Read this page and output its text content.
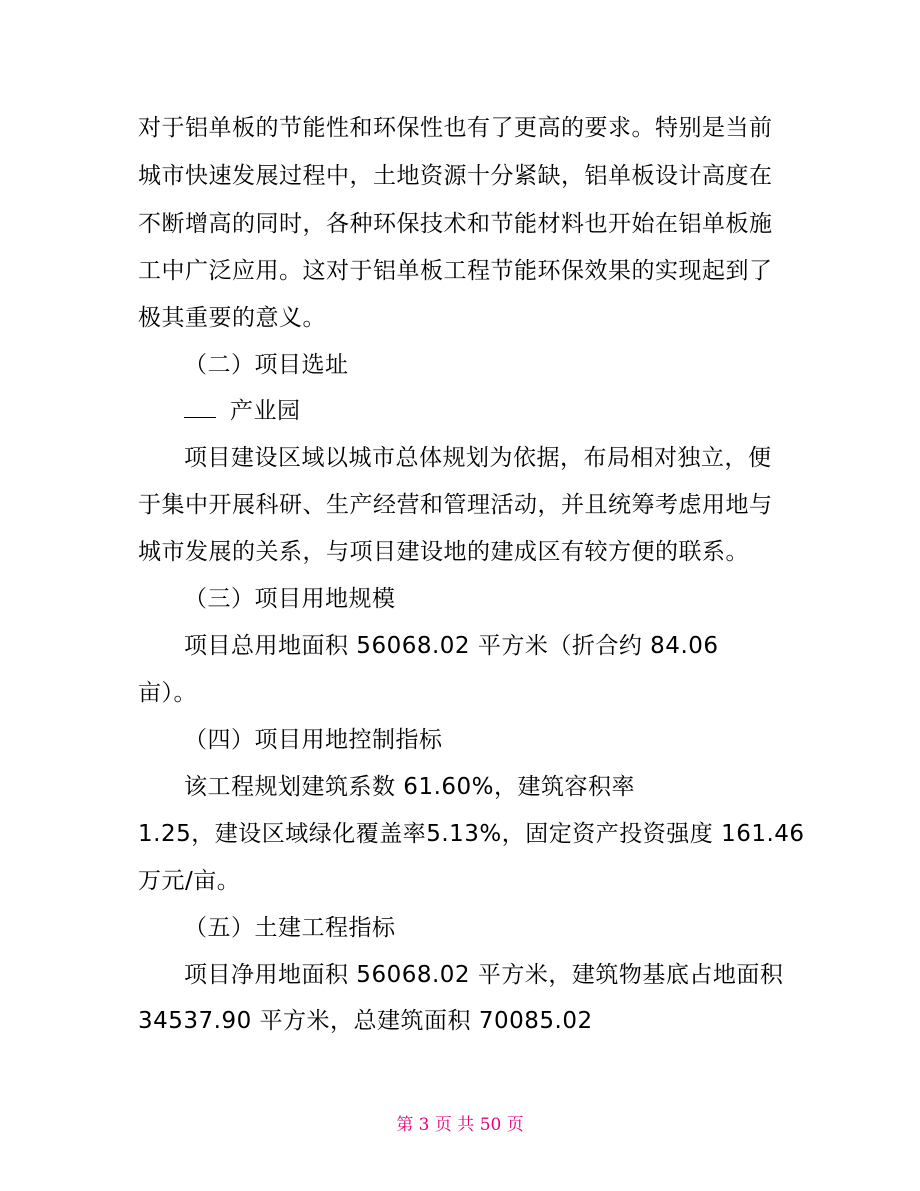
对于铝单板的节能性和环保性也有了更高的要求。特别是当前
城市快速发展过程中，土地资源十分紧缺，铝单板设计高度在
不断增高的同时，各种环保技术和节能材料也开始在铝单板施
工中广泛应用。这对于铝单板工程节能环保效果的实现起到了
极其重要的意义。
（二）项目选址
产业园
项目建设区域以城市总体规划为依据，布局相对独立，便
于集中开展科研、生产经营和管理活动，并且统筹考虑用地与
城市发展的关系，与项目建设地的建成区有较方便的联系。
（三）项目用地规模
项目总用地面积 56068.02 平方米（折合约 84.06
亩）。
（四）项目用地控制指标
该工程规划建筑系数 61.60%，建筑容积率
1.25，建设区域绿化覆盖率5.13%，固定资产投资强度 161.46
万元/亩。
（五）土建工程指标
项目净用地面积 56068.02 平方米，建筑物基底占地面积
34537.90 平方米，总建筑面积 70085.02
第 3 页 共 50 页
